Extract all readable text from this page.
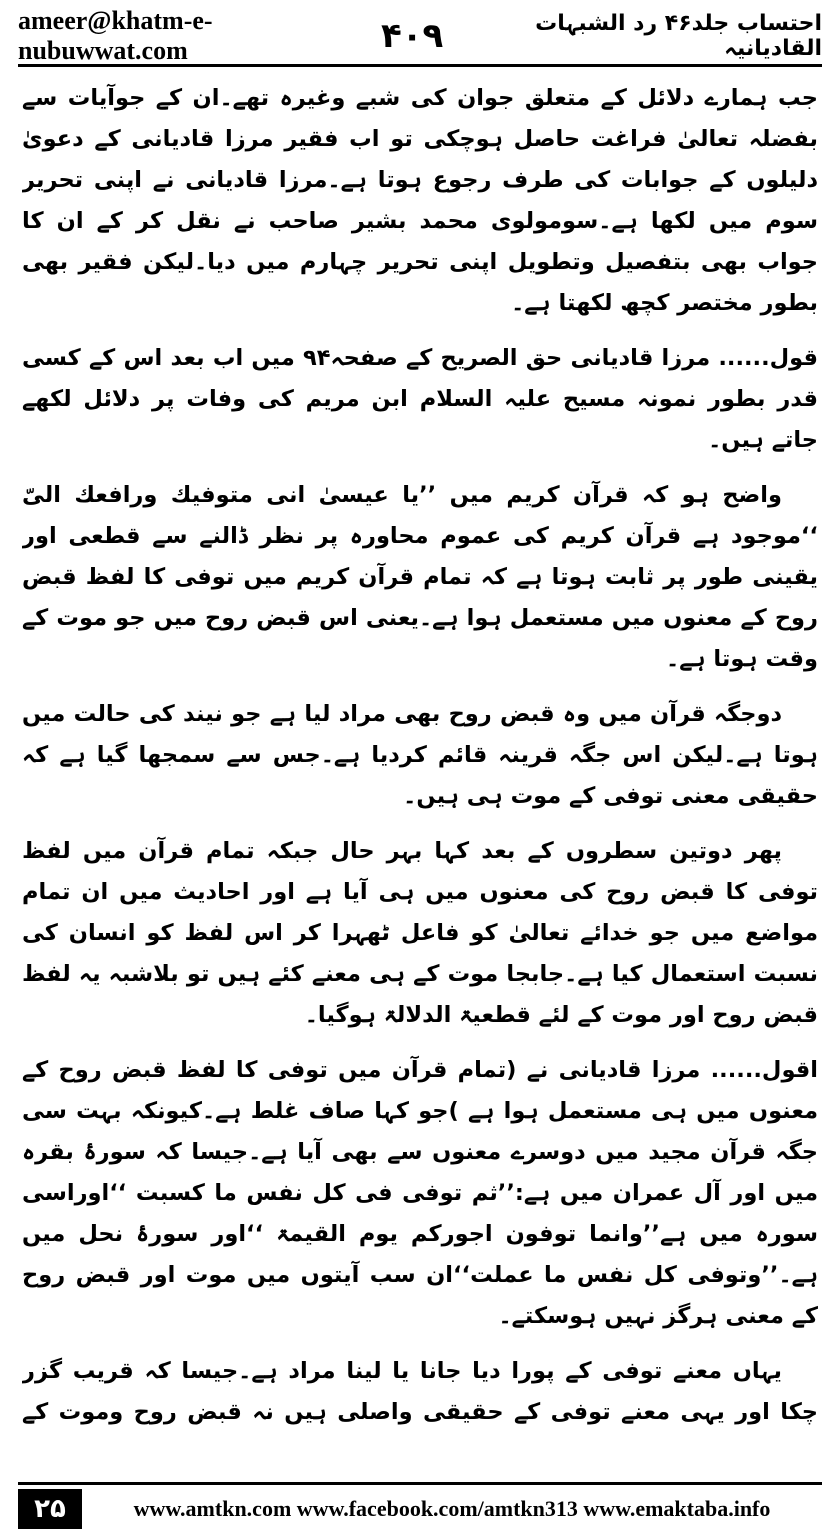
ameer@khatm-e-nubuwwat.com	۴۰۹	احتساب جلد۴۶ رد الشبہات القادیانیہ

جب ہمارے دلائل کے متعلق جوان کی شبے وغیرہ تھے۔ان کے جوآیات سے بفضلہ تعالیٰ فراغت حاصل ہوچکی تو اب فقیر مرزا قادیانی کے دعویٰ دلیلوں کے جوابات کی طرف رجوع ہوتا ہے۔مرزا قادیانی نے اپنی تحریر سوم میں لکھا ہے۔سومولوی محمد بشیر صاحب نے نقل کر کے ان کا جواب بھی بتفصیل وتطویل اپنی تحریر چہارم میں دیا۔لیکن فقیر بھی بطور مختصر کچھ لکھتا ہے۔

قول...... مرزا قادیانی حق الصریح کے صفحہ۹۴ میں اب بعد اس کے کسی قدر بطور نمونہ مسیح علیہ السلام ابن مریم کی وفات پر دلائل لکھے جاتے ہیں۔

واضح ہو کہ قرآن کریم میں ’’یا عیسیٰ انی متوفیك ورافعك الیّ ‘‘موجود ہے قرآن کریم کی عموم محاورہ پر نظر ڈالنے سے قطعی اور یقینی طور پر ثابت ہوتا ہے کہ تمام قرآن کریم میں توفی کا لفظ قبض روح کے معنوں میں مستعمل ہوا ہے۔یعنی اس قبض روح میں جو موت کے وقت ہوتا ہے۔

دوجگہ قرآن میں وہ قبض روح بھی مراد لیا ہے جو نیند کی حالت میں ہوتا ہے۔لیکن اس جگہ قرینہ قائم کردیا ہے۔جس سے سمجھا گیا ہے کہ حقیقی معنی توفی کے موت ہی ہیں۔

پھر دوتین سطروں کے بعد کہا بہر حال جبکہ تمام قرآن میں لفظ توفی کا قبض روح کی معنوں میں ہی آیا ہے اور احادیث میں ان تمام مواضع میں جو خدائے تعالیٰ کو فاعل ٹھہرا کر اس لفظ کو انسان کی نسبت استعمال کیا ہے۔جابجا موت کے ہی معنے کئے ہیں تو بلاشبہ یہ لفظ قبض روح اور موت کے لئے قطعیۃ الدلالۃ ہوگیا۔

اقول...... مرزا قادیانی نے (تمام قرآن میں توفی کا لفظ قبض روح کے معنوں میں ہی مستعمل ہوا ہے )جو کہا صاف غلط ہے۔کیونکہ بہت سی جگہ قرآن مجید میں دوسرے معنوں سے بھی آیا ہے۔جیسا کہ سورۂ بقرہ میں اور آل عمران میں ہے:’’ثم توفی فی کل نفس ما کسبت ‘‘اوراسی سورہ میں ہے’’وانما توفون اجورکم یوم القیمۃ ‘‘اور سورۂ نحل میں ہے۔’’وتوفی کل نفس ما عملت‘‘ان سب آیتوں میں موت اور قبض روح کے معنی ہرگز نہیں ہوسکتے۔

یہاں معنے توفی کے پورا دیا جانا یا لینا مراد ہے۔جیسا کہ قریب گزر چکا اور یہی معنے توفی کے حقیقی واصلی ہیں نہ قبض روح وموت کے

۲۵	www.amtkn.com www.facebook.com/amtkn313 www.emaktaba.info
